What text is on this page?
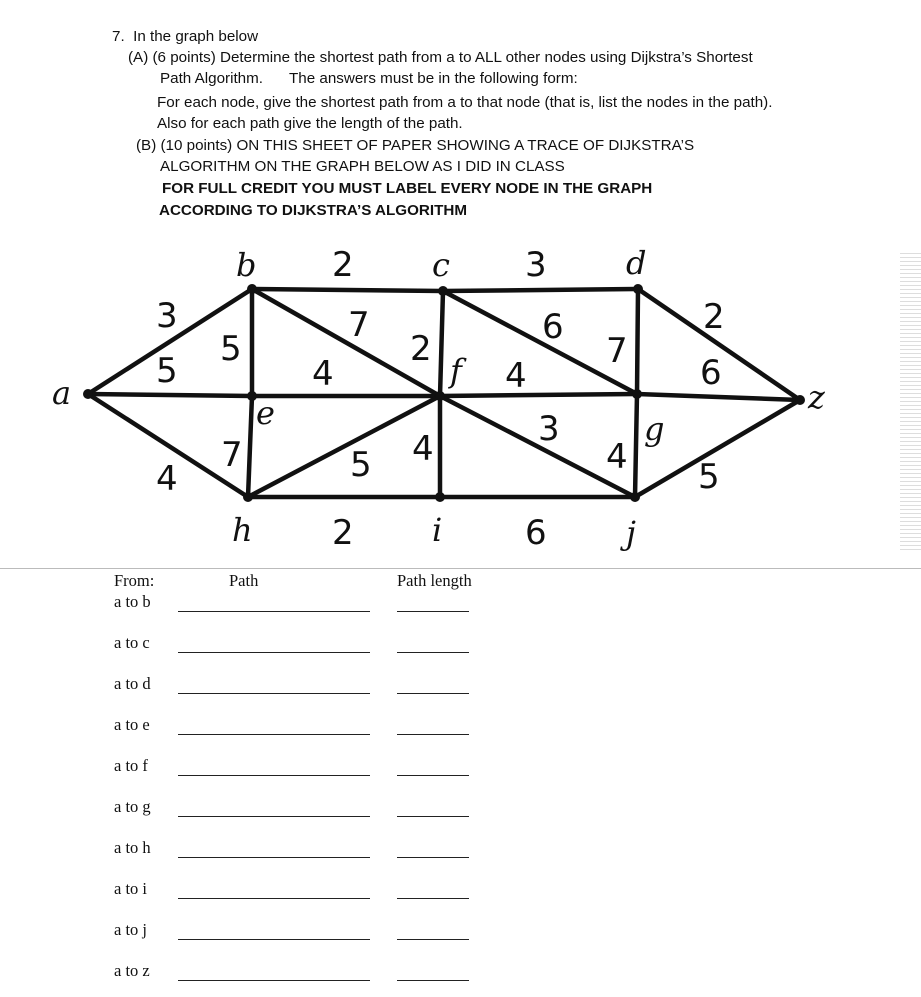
7. In the graph below
(A) (6 points) Determine the shortest path from a to ALL other nodes using Dijkstra’s Shortest
Path Algorithm. The answers must be in the following form:
For each node, give the shortest path from a to that node (that is, list the nodes in the path).
Also for each path give the length of the path.
(B) (10 points) ON THIS SHEET OF PAPER SHOWING A TRACE OF DIJKSTRA’S
ALGORITHM ON THE GRAPH BELOW AS I DID IN CLASS
FOR FULL CREDIT YOU MUST LABEL EVERY NODE IN THE GRAPH
ACCORDING TO DIJKSTRA’S ALGORITHM
a
b	c	d
e
f
g
h	i	j
z
2	3
3
5
5
7
4
2
6
4
7
2
6
4
7	5 4	3
4 5
2	6
From:	Path	Path length
a to b
a to c
a to d
a to e
a to f
a to g
a to h
a to i
a to j
a to z
